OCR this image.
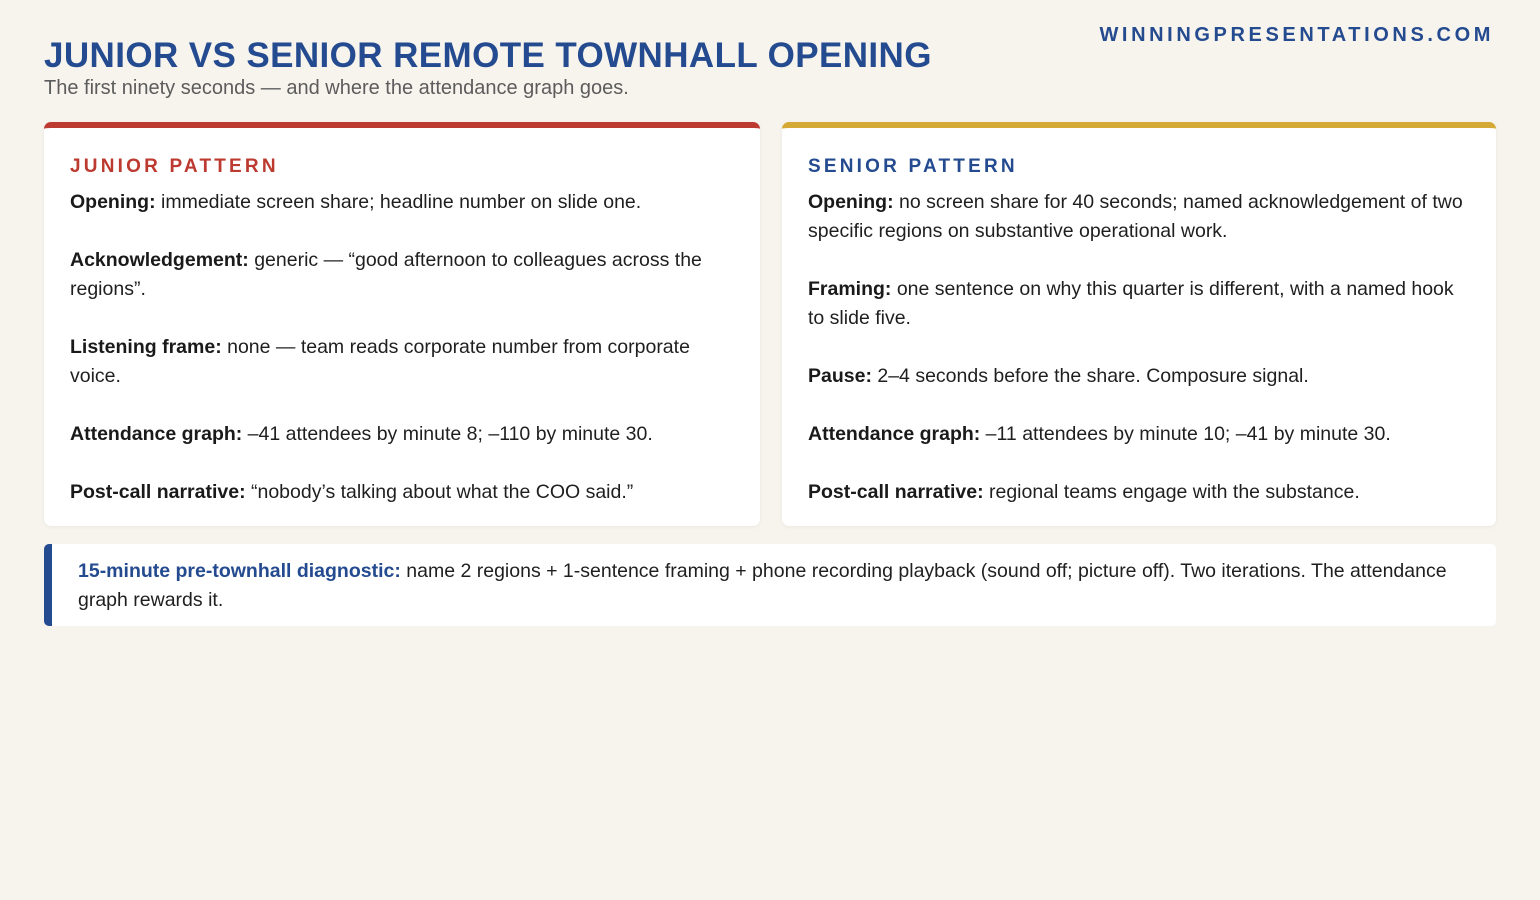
WINNINGPRESENTATIONS.COM
JUNIOR VS SENIOR REMOTE TOWNHALL OPENING
The first ninety seconds — and where the attendance graph goes.
JUNIOR PATTERN

Opening: immediate screen share; headline number on slide one.

Acknowledgement: generic — “good afternoon to colleagues across the regions”.

Listening frame: none — team reads corporate number from corporate voice.

Attendance graph: –41 attendees by minute 8; –110 by minute 30.

Post-call narrative: “nobody’s talking about what the COO said.”

SENIOR PATTERN

Opening: no screen share for 40 seconds; named acknowledgement of two specific regions on substantive operational work.

Framing: one sentence on why this quarter is different, with a named hook to slide five.

Pause: 2–4 seconds before the share. Composure signal.

Attendance graph: –11 attendees by minute 10; –41 by minute 30.

Post-call narrative: regional teams engage with the substance.

15-minute pre-townhall diagnostic: name 2 regions + 1-sentence framing + phone recording playback (sound off; picture off). Two iterations. The attendance graph rewards it.
